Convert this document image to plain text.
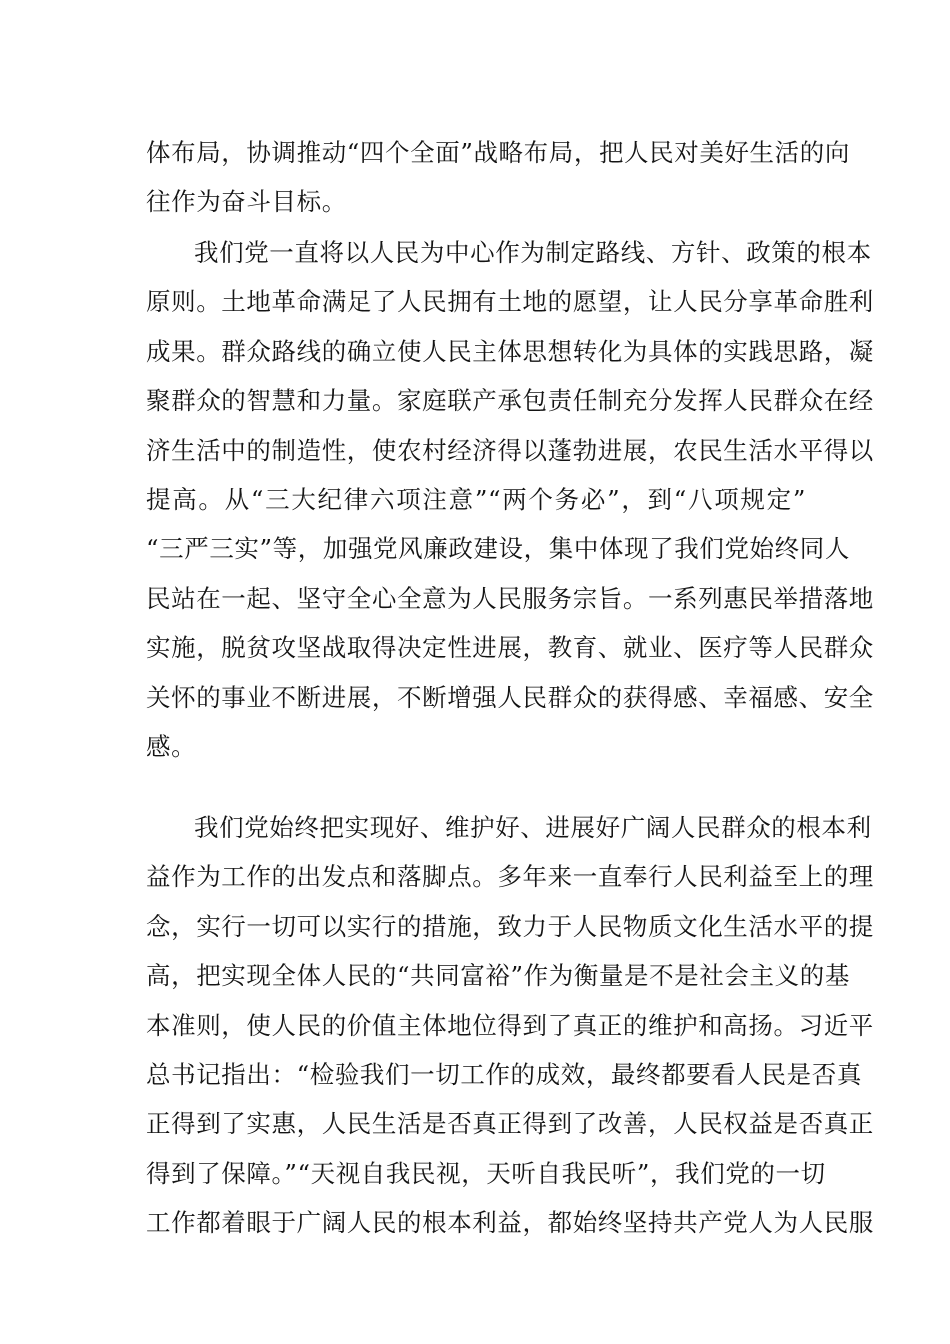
体布局，协调推动“四个全面”战略布局，把人民对美好生活的向
往作为奋斗目标。
我们党一直将以人民为中心作为制定路线、方针、政策的根本
原则。土地革命满足了人民拥有土地的愿望，让人民分享革命胜利
成果。群众路线的确立使人民主体思想转化为具体的实践思路，凝
聚群众的智慧和力量。家庭联产承包责任制充分发挥人民群众在经
济生活中的制造性，使农村经济得以蓬勃进展，农民生活水平得以
提高。从“三大纪律六项注意”“两个务必”，到“八项规定”
“三严三实”等，加强党风廉政建设，集中体现了我们党始终同人
民站在一起、坚守全心全意为人民服务宗旨。一系列惠民举措落地
实施，脱贫攻坚战取得决定性进展，教育、就业、医疗等人民群众
关怀的事业不断进展，不断增强人民群众的获得感、幸福感、安全
感。
我们党始终把实现好、维护好、进展好广阔人民群众的根本利
益作为工作的出发点和落脚点。多年来一直奉行人民利益至上的理
念，实行一切可以实行的措施，致力于人民物质文化生活水平的提
高，把实现全体人民的“共同富裕”作为衡量是不是社会主义的基
本准则，使人民的价值主体地位得到了真正的维护和高扬。习近平
总书记指出：“检验我们一切工作的成效，最终都要看人民是否真
正得到了实惠，人民生活是否真正得到了改善，人民权益是否真正
得到了保障。”“天视自我民视，天听自我民听”，我们党的一切
工作都着眼于广阔人民的根本利益，都始终坚持共产党人为人民服
